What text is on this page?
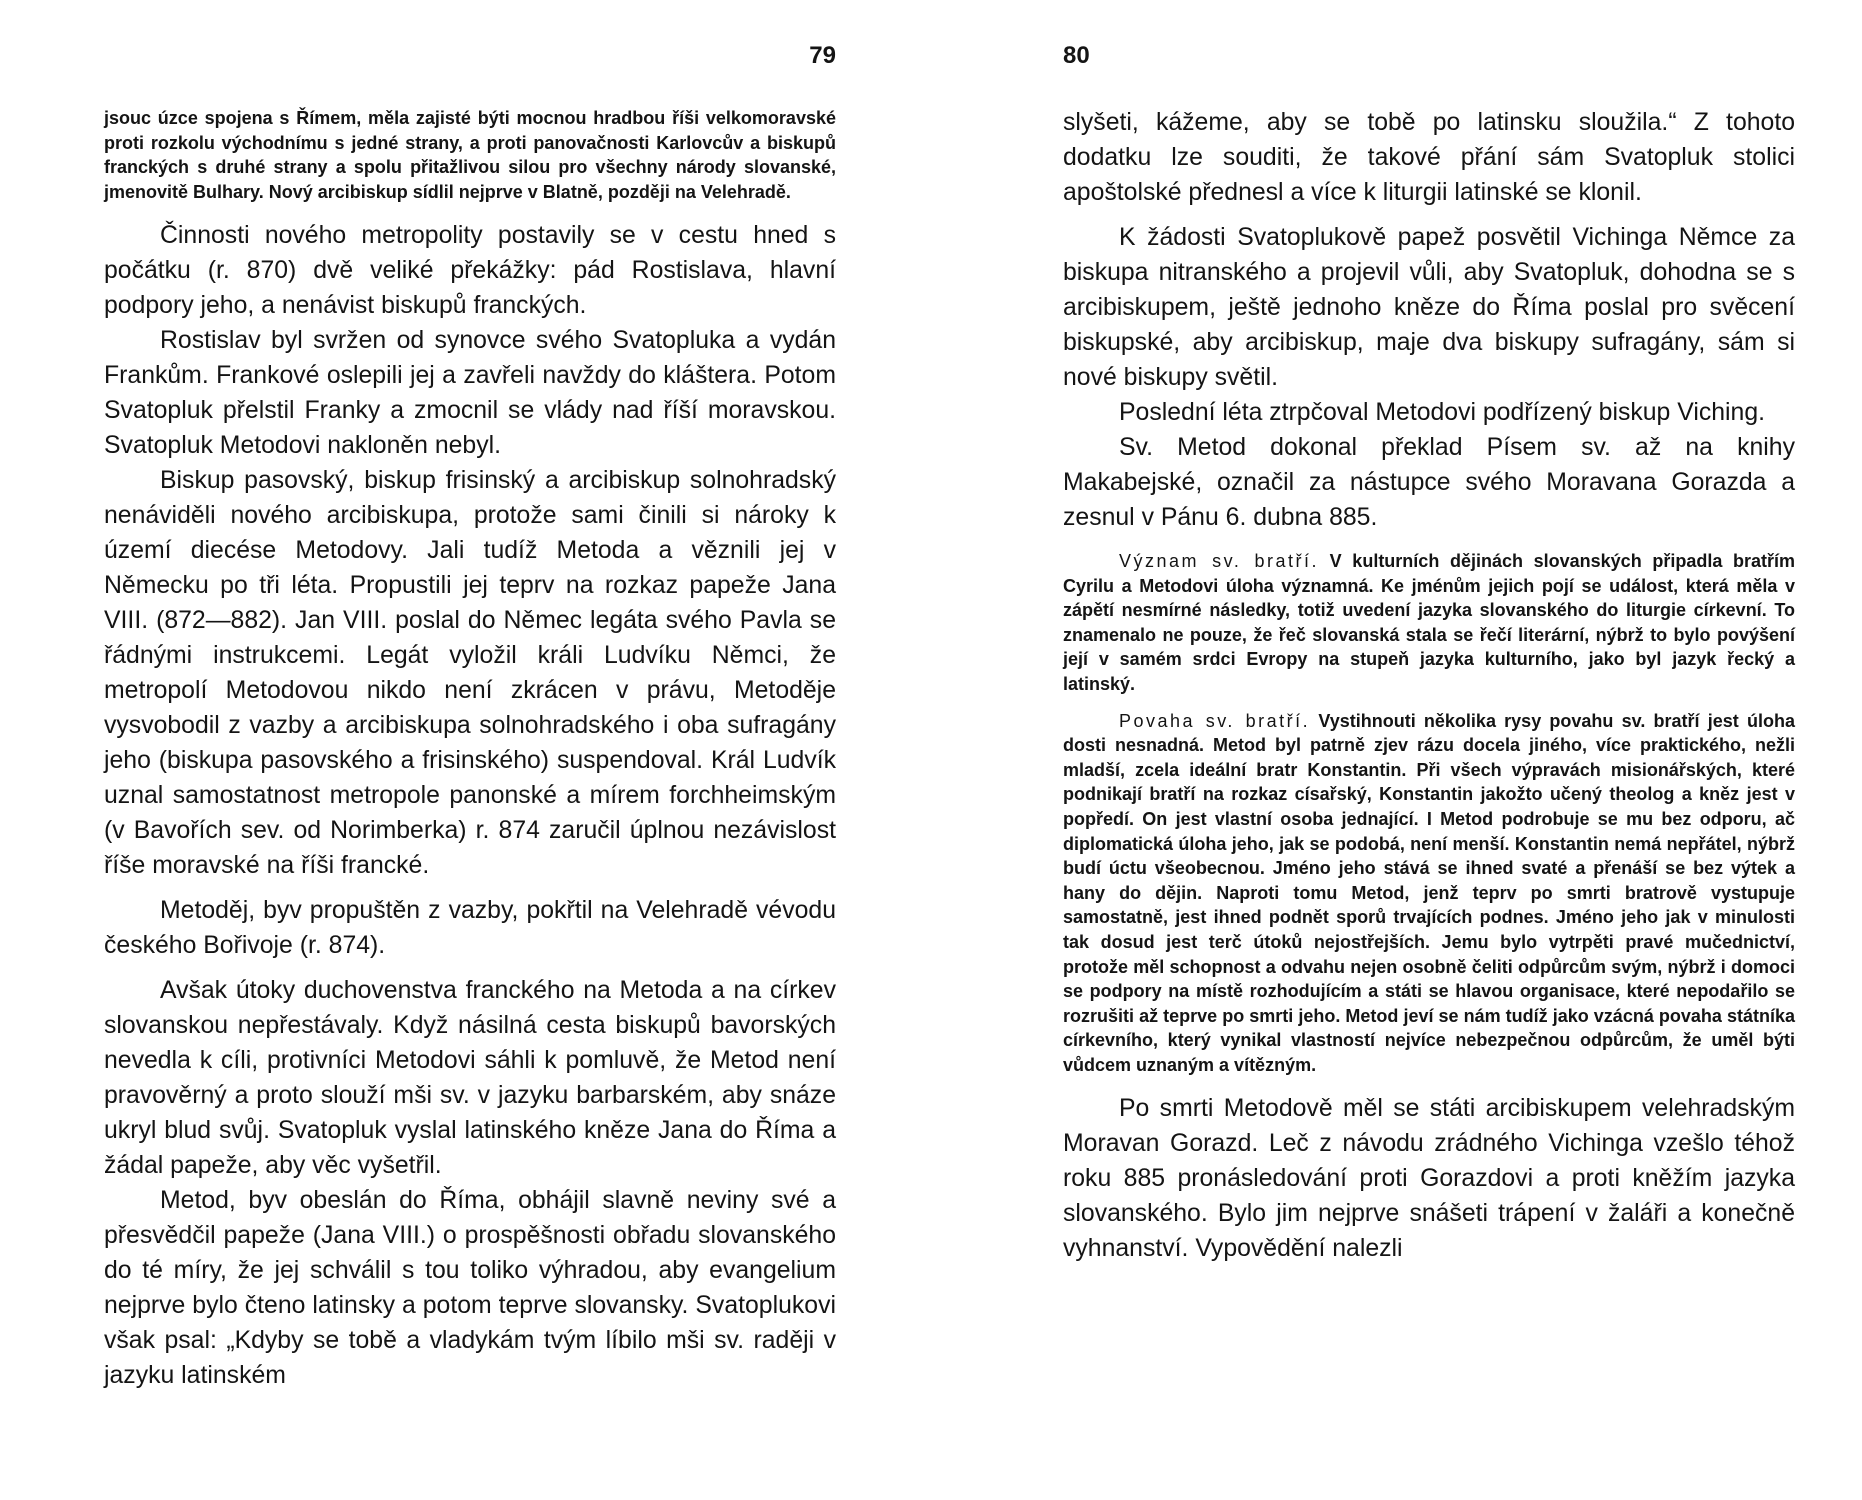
79

jsouc úzce spojena s Římem, měla zajisté býti mocnou hradbou říši velkomoravské proti rozkolu východnímu s jedné strany, a proti panovačnosti Karlovcův a biskupů franckých s druhé strany a spolu přitažlivou silou pro všechny národy slovanské, jmenovitě Bulhary. Nový arcibiskup sídlil nejprve v Blatně, později na Velehradě.

Činnosti nového metropolity postavily se v cestu hned s počátku (r. 870) dvě veliké překážky: pád Rostislava, hlavní podpory jeho, a nenávist biskupů franckých.

Rostislav byl svržen od synovce svého Svatopluka a vydán Frankům. Frankové oslepili jej a zavřeli navždy do kláštera. Potom Svatopluk přelstil Franky a zmocnil se vlády nad říší moravskou. Svatopluk Metodovi nakloněn nebyl.

Biskup pasovský, biskup frisinský a arcibiskup solnohradský nenáviděli nového arcibiskupa, protože sami činili si nároky k území diecése Metodovy. Jali tudíž Metoda a věznili jej v Německu po tři léta. Propustili jej teprv na rozkaz papeže Jana VIII. (872—882). Jan VIII. poslal do Němec legáta svého Pavla se řádnými instrukcemi. Legát vyložil králi Ludvíku Němci, že metropolí Metodovou nikdo není zkrácen v právu, Metoděje vysvobodil z vazby a arcibiskupa solnohradského i oba sufragány jeho (biskupa pasovského a frisinského) suspendoval. Král Ludvík uznal samostatnost metropole panonské a mírem forchheimským (v Bavořích sev. od Norimberka) r. 874 zaručil úplnou nezávislost říše moravské na říši francké.

Metoděj, byv propuštěn z vazby, pokřtil na Velehradě vévodu českého Bořivoje (r. 874).

Avšak útoky duchovenstva franckého na Metoda a na církev slovanskou nepřestávaly. Když násilná cesta biskupů bavorských nevedla k cíli, protivníci Metodovi sáhli k pomluvě, že Metod není pravověrný a proto slouží mši sv. v jazyku barbarském, aby snáze ukryl blud svůj. Svatopluk vyslal latinského kněze Jana do Říma a žádal papeže, aby věc vyšetřil.

Metod, byv obeslán do Říma, obhájil slavně neviny své a přesvědčil papeže (Jana VIII.) o prospěšnosti obřadu slovanského do té míry, že jej schválil s tou toliko výhradou, aby evangelium nejprve bylo čteno latinsky a potom teprve slovansky. Svatoplukovi však psal: „Kdyby se tobě a vladykám tvým líbilo mši sv. raději v jazyku latinském

80

slyšeti, kážeme, aby se tobě po latinsku sloužila.“ Z tohoto dodatku lze souditi, že takové přání sám Svatopluk stolici apoštolské přednesl a více k liturgii latinské se klonil.

K žádosti Svatoplukově papež posvětil Vichinga Němce za biskupa nitranského a projevil vůli, aby Svatopluk, dohodna se s arcibiskupem, ještě jednoho kněze do Říma poslal pro svěcení biskupské, aby arcibiskup, maje dva biskupy sufragány, sám si nové biskupy světil.

Poslední léta ztrpčoval Metodovi podřízený biskup Viching.

Sv. Metod dokonal překlad Písem sv. až na knihy Makabejské, označil za nástupce svého Moravana Gorazda a zesnul v Pánu 6. dubna 885.

Význam sv. bratří. V kulturních dějinách slovanských připadla bratřím Cyrilu a Metodovi úloha významná. Ke jménům jejich pojí se událost, která měla v zápětí nesmírné následky, totiž uvedení jazyka slovanského do liturgie církevní. To znamenalo ne pouze, že řeč slovanská stala se řečí literární, nýbrž to bylo povýšení její v samém srdci Evropy na stupeň jazyka kulturního, jako byl jazyk řecký a latinský.

Povaha sv. bratří. Vystihnouti několika rysy povahu sv. bratří jest úloha dosti nesnadná. Metod byl patrně zjev rázu docela jiného, více praktického, nežli mladší, zcela ideální bratr Konstantin. Při všech výpravách misionářských, které podnikají bratří na rozkaz císařský, Konstantin jakožto učený theolog a kněz jest v popředí. On jest vlastní osoba jednající. I Metod podrobuje se mu bez odporu, ač diplomatická úloha jeho, jak se podobá, není menší. Konstantin nemá nepřátel, nýbrž budí úctu všeobecnou. Jméno jeho stává se ihned svaté a přenáší se bez výtek a hany do dějin. Naproti tomu Metod, jenž teprv po smrti bratrově vystupuje samostatně, jest ihned podnět sporů trvajících podnes. Jméno jeho jak v minulosti tak dosud jest terč útoků nejostřejších. Jemu bylo vytrpěti pravé mučednictví, protože měl schopnost a odvahu nejen osobně čeliti odpůrcům svým, nýbrž i domoci se podpory na místě rozhodujícím a státi se hlavou organisace, které nepodařilo se rozrušiti až teprve po smrti jeho. Metod jeví se nám tudíž jako vzácná povaha státníka církevního, který vynikal vlastností nejvíce nebezpečnou odpůrcům, že uměl býti vůdcem uznaným a vítězným.

Po smrti Metodově měl se státi arcibiskupem velehradským Moravan Gorazd. Leč z návodu zrádného Vichinga vzešlo téhož roku 885 pronásledování proti Gorazdovi a proti kněžím jazyka slovanského. Bylo jim nejprve snášeti trápení v žaláři a konečně vyhnanství. Vypovědění nalezli
